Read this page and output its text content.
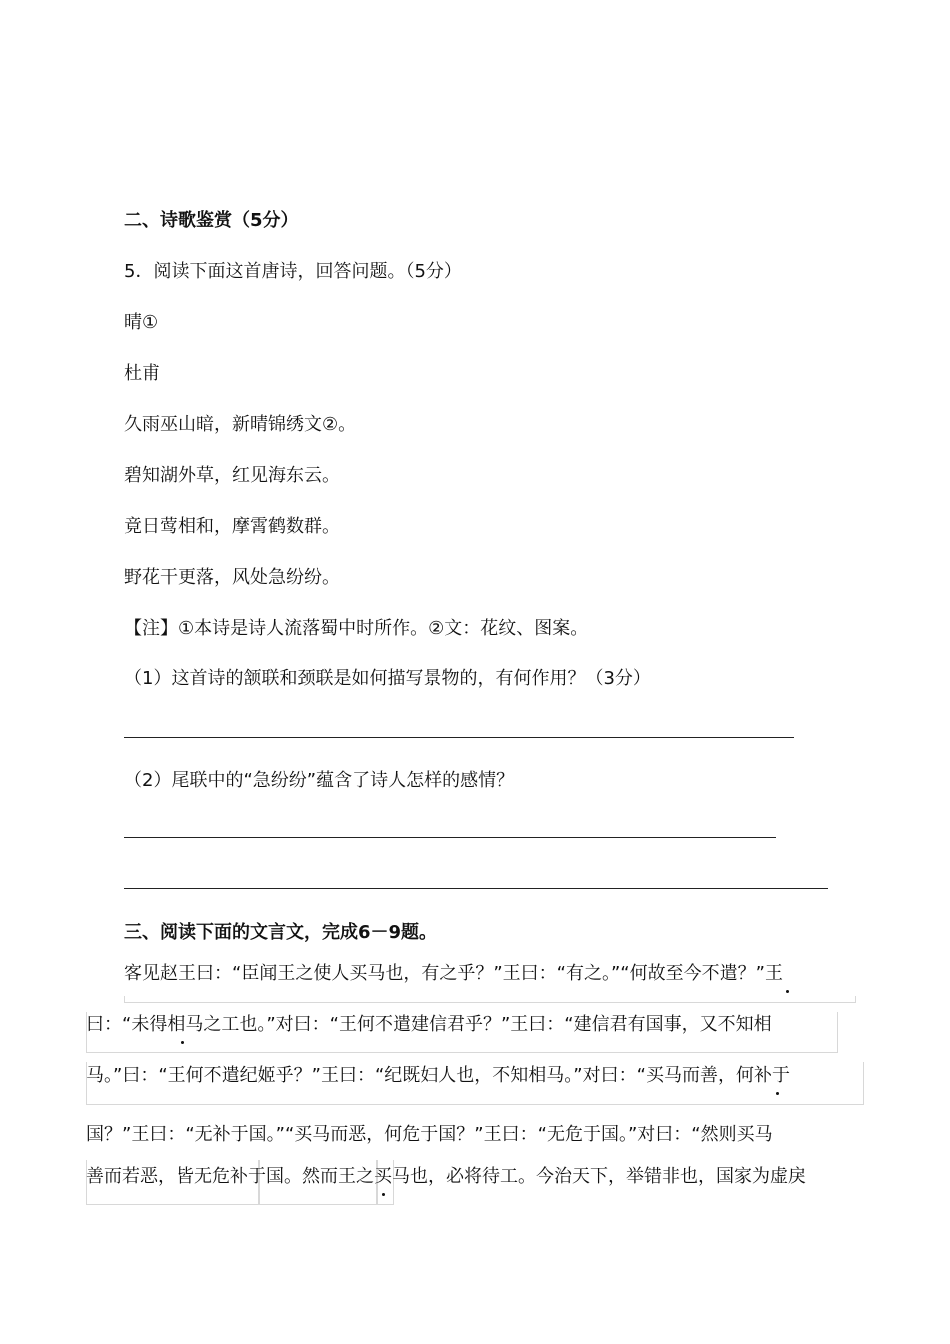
二、诗歌鉴赏（5分）
5．阅读下面这首唐诗，回答问题。（5分）
晴①
杜甫
久雨巫山暗，新晴锦绣文②。
碧知湖外草，红见海东云。
竟日莺相和，摩霄鹤数群。
野花干更落，风处急纷纷。
【注】①本诗是诗人流落蜀中时所作。②文：花纹、图案。
（1）这首诗的颔联和颈联是如何描写景物的，有何作用？（3分）
（2）尾联中的“急纷纷”蕴含了诗人怎样的感情？
三、阅读下面的文言文，完成6－9题。
客见赵王曰：“臣闻王之使人买马也，有之乎？”王曰：“有之。”“何故至今不遣？”王
曰：“未得相马之工也。”对曰：“王何不遣建信君乎？”王曰：“建信君有国事，又不知相
马。”曰：“王何不遣纪姬乎？”王曰：“纪既妇人也，不知相马。”对曰：“买马而善，何补于
国？”王曰：“无补于国。”“买马而恶，何危于国？”王曰：“无危于国。”对曰：“然则买马
善而若恶，皆无危补于国。然而王之买马也，必将待工。今治天下，举错非也，国家为虚戾
